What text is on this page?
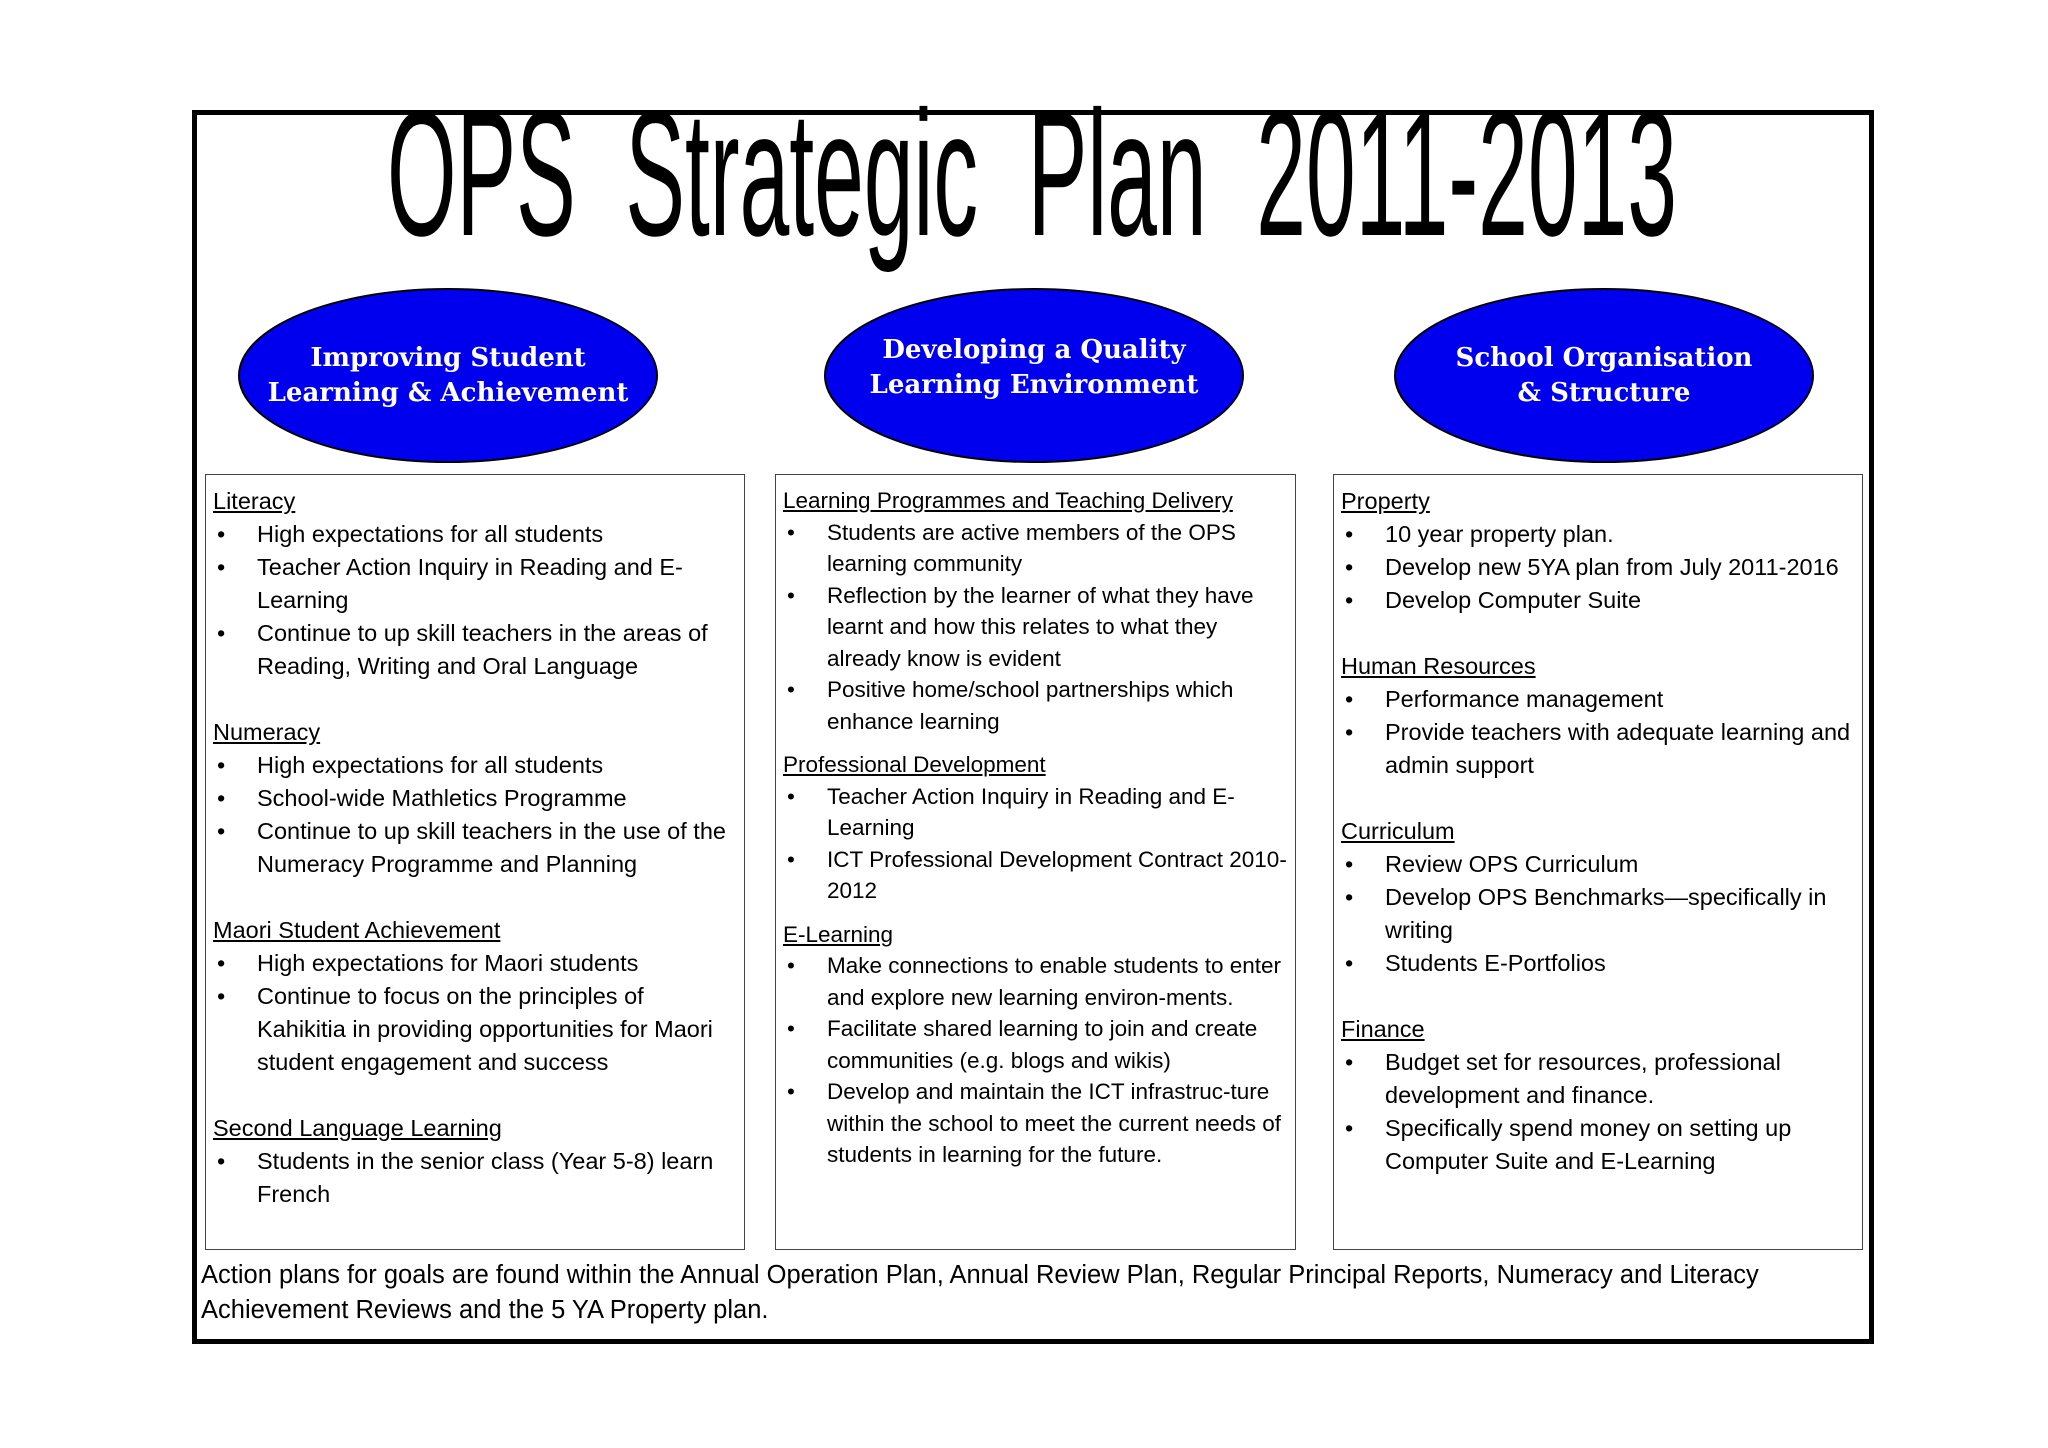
OPS  Strategic  Plan  2011-2013
Improving Student
Learning & Achievement
Developing a Quality
Learning Environment
School Organisation
& Structure

Literacy

• High expectations for all students
• Teacher Action Inquiry in Reading and E-Learning
• Continue to up skill teachers in the areas of Reading, Writing and Oral Language

Numeracy

• High expectations for all students
• School-wide Mathletics Programme
• Continue to up skill teachers in the use of the Numeracy Programme and Planning

Maori Student Achievement

• High expectations for Maori students
• Continue to focus on the principles of Kahikitia in providing opportunities for Maori student engagement and success

Second Language Learning

• Students in the senior class (Year 5-8) learn French

Learning Programmes and Teaching Delivery

• Students are active members of the OPS learning community
• Reflection by the learner of what they have learnt and how this relates to what they already know is evident
• Positive home/school partnerships which enhance learning

Professional Development

• Teacher Action Inquiry in Reading and E-Learning
• ICT Professional Development Contract 2010-2012

E-Learning

• Make connections to enable students to enter and explore new learning environ-ments.
• Facilitate shared learning to join and create communities (e.g. blogs and wikis)
• Develop and maintain the ICT infrastruc-ture within the school to meet the current needs of students in learning for the future.

Property

• 10 year property plan.
• Develop new 5YA plan from July 2011-2016
• Develop Computer Suite

Human Resources

• Performance management
• Provide teachers with adequate learning and admin support

Curriculum

• Review OPS Curriculum
• Develop OPS Benchmarks—specifically in writing
• Students E-Portfolios

Finance

• Budget set for resources, professional development and finance.
• Specifically spend money on setting up Computer Suite and E-Learning
Action plans for goals are found within the Annual Operation Plan, Annual Review Plan, Regular Principal Reports, Numeracy and Literacy Achievement Reviews and the 5 YA Property plan.
